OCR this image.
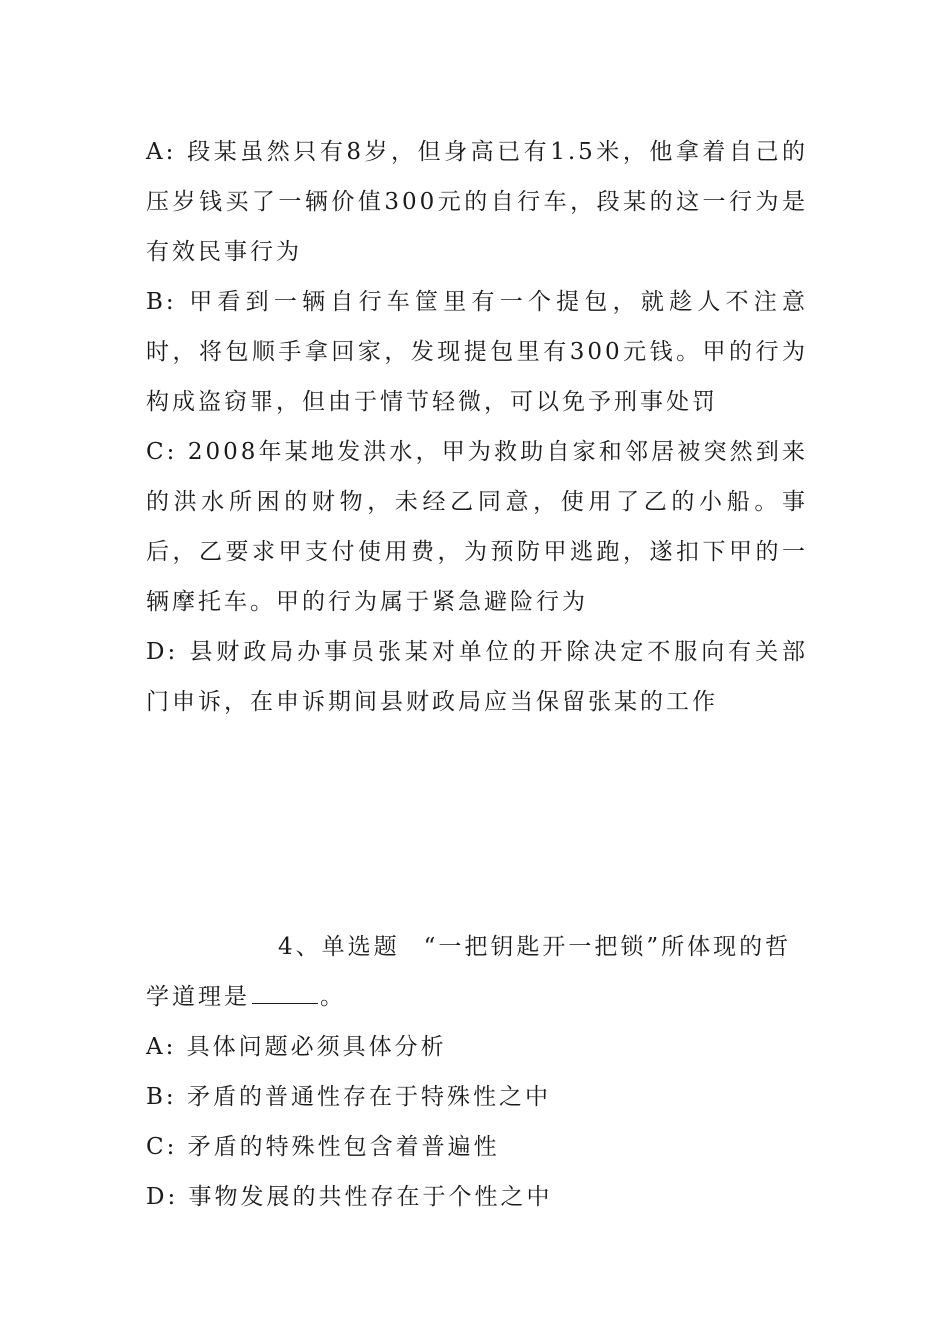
A: 段某虽然只有8岁，但身高已有1.5米，他拿着自己的压岁钱买了一辆价值300元的自行车，段某的这一行为是有效民事行为

B: 甲看到一辆自行车筐里有一个提包，就趁人不注意时，将包顺手拿回家，发现提包里有300元钱。甲的行为构成盗窃罪，但由于情节轻微，可以免予刑事处罚

C: 2008年某地发洪水，甲为救助自家和邻居被突然到来的洪水所困的财物，未经乙同意，使用了乙的小船。事后，乙要求甲支付使用费，为预防甲逃跑，遂扣下甲的一辆摩托车。甲的行为属于紧急避险行为

D: 县财政局办事员张某对单位的开除决定不服向有关部门申诉，在申诉期间县财政局应当保留张某的工作

4、单选题 “一把钥匙开一把锁”所体现的哲学道理是	。

A: 具体问题必须具体分析

B: 矛盾的普通性存在于特殊性之中

C: 矛盾的特殊性包含着普遍性

D: 事物发展的共性存在于个性之中
